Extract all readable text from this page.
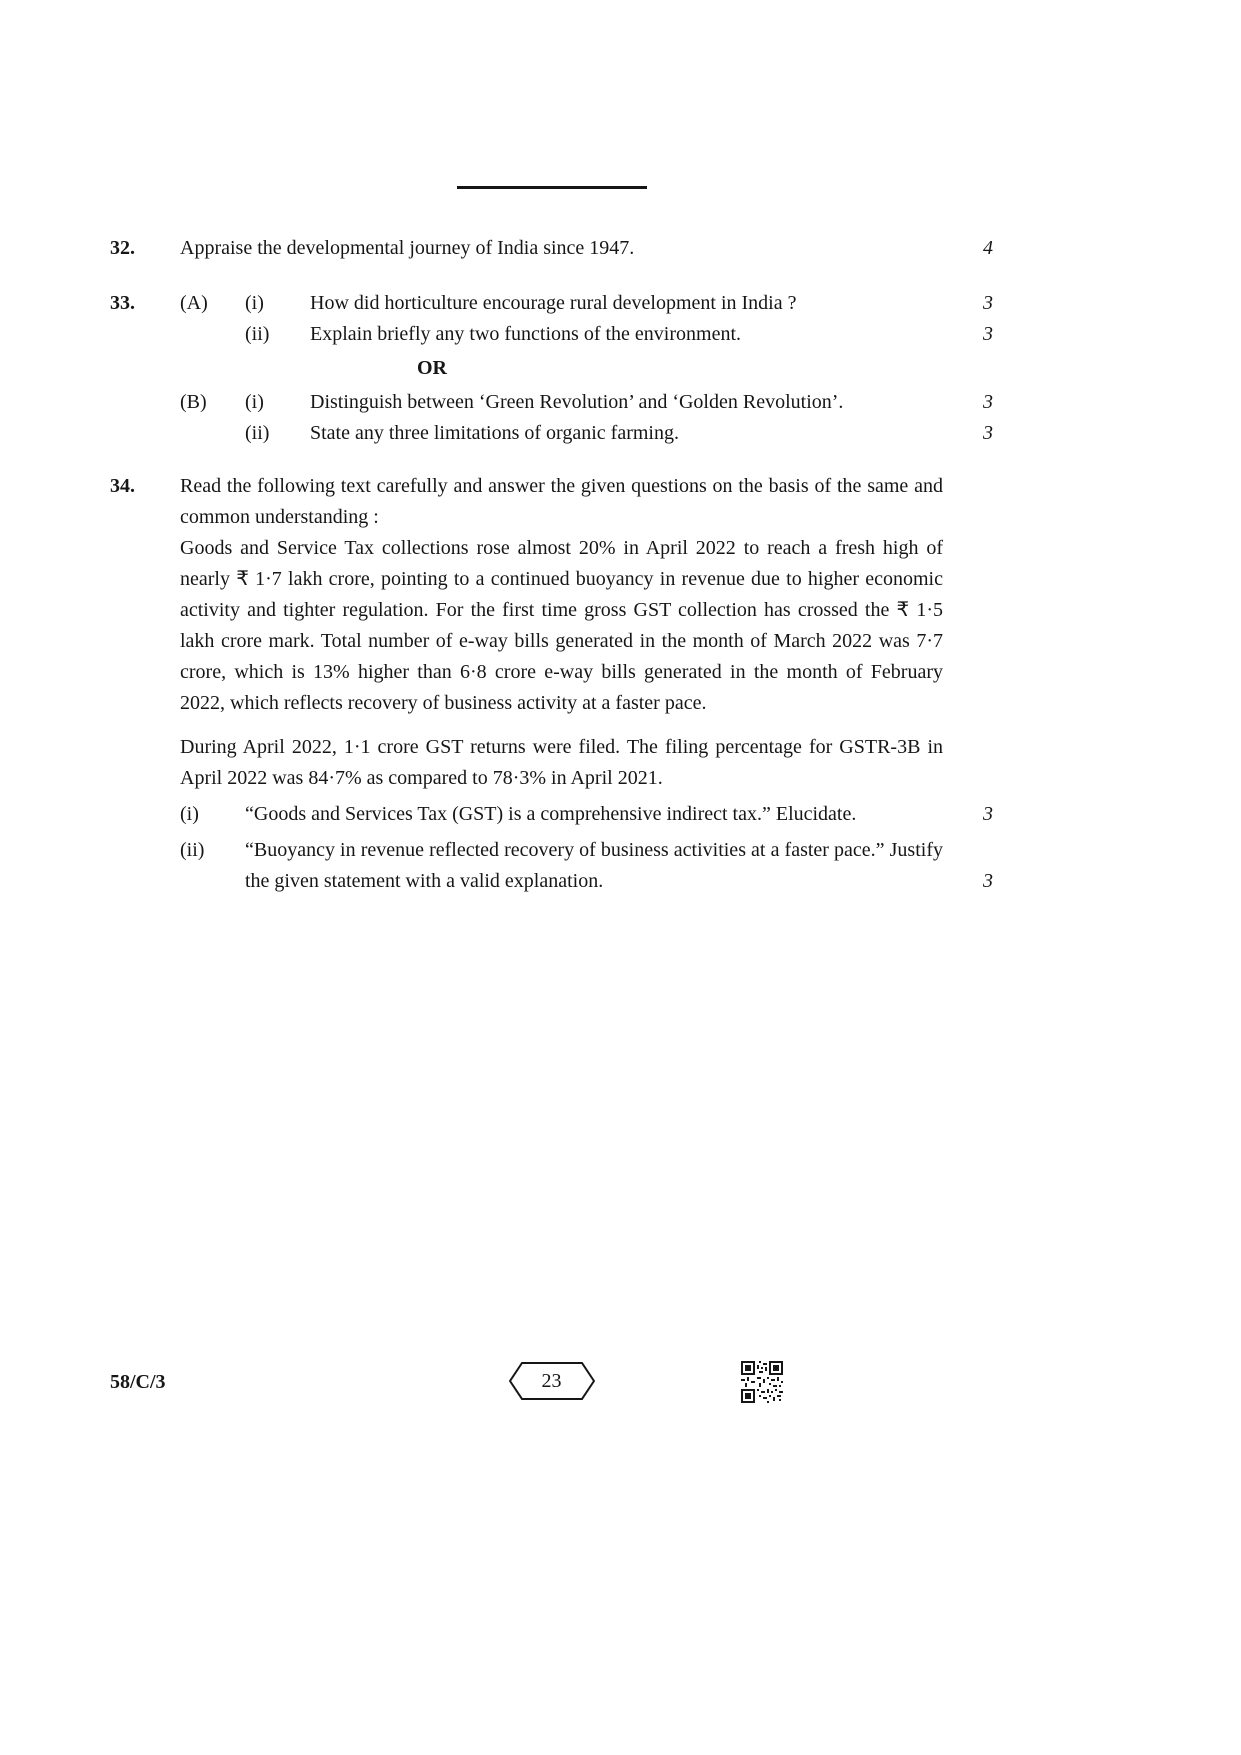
32.	Appraise the developmental journey of India since 1947.	4
33.	(A)	(i)	How did horticulture encourage rural development in India ?	3
(ii)	Explain briefly any two functions of the environment.	3
OR
(B)	(i)	Distinguish between ‘Green Revolution’ and ‘Golden Revolution’.	3
(ii)	State any three limitations of organic farming.	3
34.	Read the following text carefully and answer the given questions on the basis of the same and common understanding :
Goods and Service Tax collections rose almost 20% in April 2022 to reach a fresh high of nearly ₹ 1·7 lakh crore, pointing to a continued buoyancy in revenue due to higher economic activity and tighter regulation. For the first time gross GST collection has crossed the ₹ 1·5 lakh crore mark. Total number of e-way bills generated in the month of March 2022 was 7·7 crore, which is 13% higher than 6·8 crore e-way bills generated in the month of February 2022, which reflects recovery of business activity at a faster pace.
During April 2022, 1·1 crore GST returns were filed. The filing percentage for GSTR-3B in April 2022 was 84·7% as compared to 78·3% in April 2021.
(i)	“Goods and Services Tax (GST) is a comprehensive indirect tax.” Elucidate.	3
(ii)	“Buoyancy in revenue reflected recovery of business activities at a faster pace.” Justify the given statement with a valid explanation.	3
58/C/3	23
